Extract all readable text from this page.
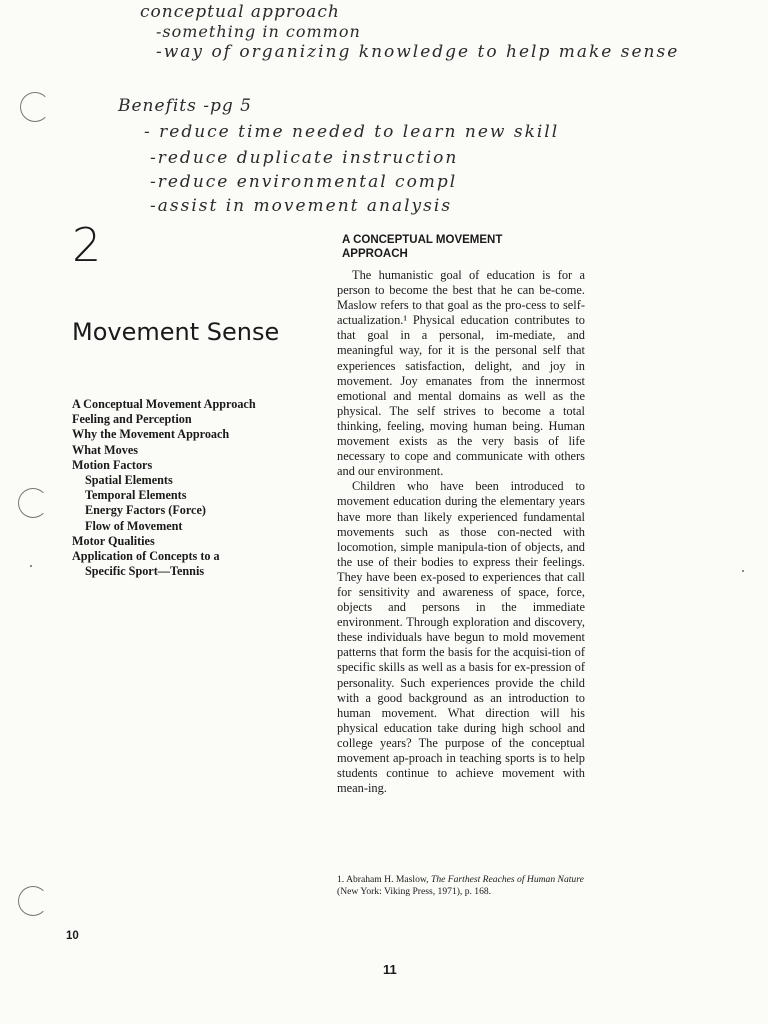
conceptual approach
-something in common
-way of organizing knowledge to help make sense
Benefits -pg 5
- reduce time needed to learn new skill
-reduce duplicate instruction
-reduce environmental compl
-assist in movement analysis
2
Movement Sense
A Conceptual Movement Approach
Feeling and Perception
Why the Movement Approach
What Moves
Motion Factors
Spatial Elements
Temporal Elements
Energy Factors (Force)
Flow of Movement
Motor Qualities
Application of Concepts to a
Specific Sport—Tennis
A CONCEPTUAL MOVEMENT APPROACH

The humanistic goal of education is for a person to become the best that he can be-come. Maslow refers to that goal as the pro-cess to self-actualization.¹ Physical education contributes to that goal in a personal, im-mediate, and meaningful way, for it is the personal self that experiences satisfaction, delight, and joy in movement. Joy emanates from the innermost emotional and mental domains as well as the physical. The self strives to become a total thinking, feeling, moving human being. Human movement exists as the very basis of life necessary to cope and communicate with others and our environment.

Children who have been introduced to movement education during the elementary years have more than likely experienced fundamental movements such as those con-nected with locomotion, simple manipula-tion of objects, and the use of their bodies to express their feelings. They have been ex-posed to experiences that call for sensitivity and awareness of space, force, objects and persons in the immediate environment. Through exploration and discovery, these individuals have begun to mold movement patterns that form the basis for the acquisi-tion of specific skills as well as a basis for ex-pression of personality. Such experiences provide the child with a good background as an introduction to human movement. What direction will his physical education take during high school and college years? The purpose of the conceptual movement ap-proach in teaching sports is to help students continue to achieve movement with mean-ing.

1. Abraham H. Maslow, The Farthest Reaches of Human Nature (New York: Viking Press, 1971), p. 168.
10
11
